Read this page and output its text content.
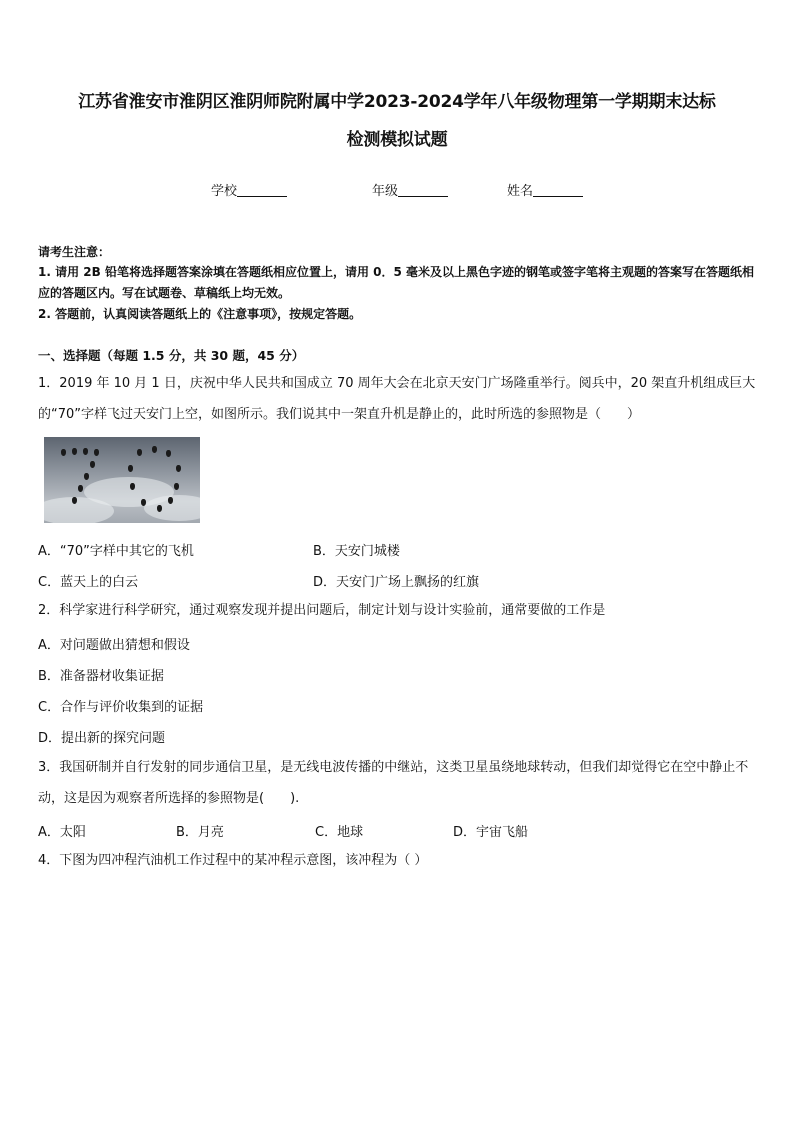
江苏省淮安市淮阴区淮阴师院附属中学2023-2024学年八年级物理第一学期期末达标
检测模拟试题
学校	年级	姓名
请考生注意：

1. 请用 2B 铅笔将选择题答案涂填在答题纸相应位置上，请用 0．5 毫米及以上黑色字迹的钢笔或签字笔将主观题的答案写在答题纸相应的答题区内。写在试题卷、草稿纸上均无效。

2. 答题前，认真阅读答题纸上的《注意事项》，按规定答题。

一、选择题（每题 1.5 分，共 30 题，45 分）

1．2019 年 10 月 1 日，庆祝中华人民共和国成立 70 周年大会在北京天安门广场隆重举行。阅兵中，20 架直升机组成巨大的“70”字样飞过天安门上空，如图所示。我们说其中一架直升机是静止的，此时所选的参照物是（　　）

A．“70”字样中其它的飞机	B．天安门城楼
C．蓝天上的白云	D．天安门广场上飘扬的红旗

2．科学家进行科学研究，通过观察发现并提出问题后，制定计划与设计实验前，通常要做的工作是

A．对问题做出猜想和假设
B．准备器材收集证据
C．合作与评价收集到的证据
D．提出新的探究问题

3．我国研制并自行发射的同步通信卫星，是无线电波传播的中继站，这类卫星虽绕地球转动，但我们却觉得它在空中静止不动，这是因为观察者所选择的参照物是(　　).

A．太阳	B．月亮	C．地球	D．宇宙飞船

4．下图为四冲程汽油机工作过程中的某冲程示意图，该冲程为（ ）
